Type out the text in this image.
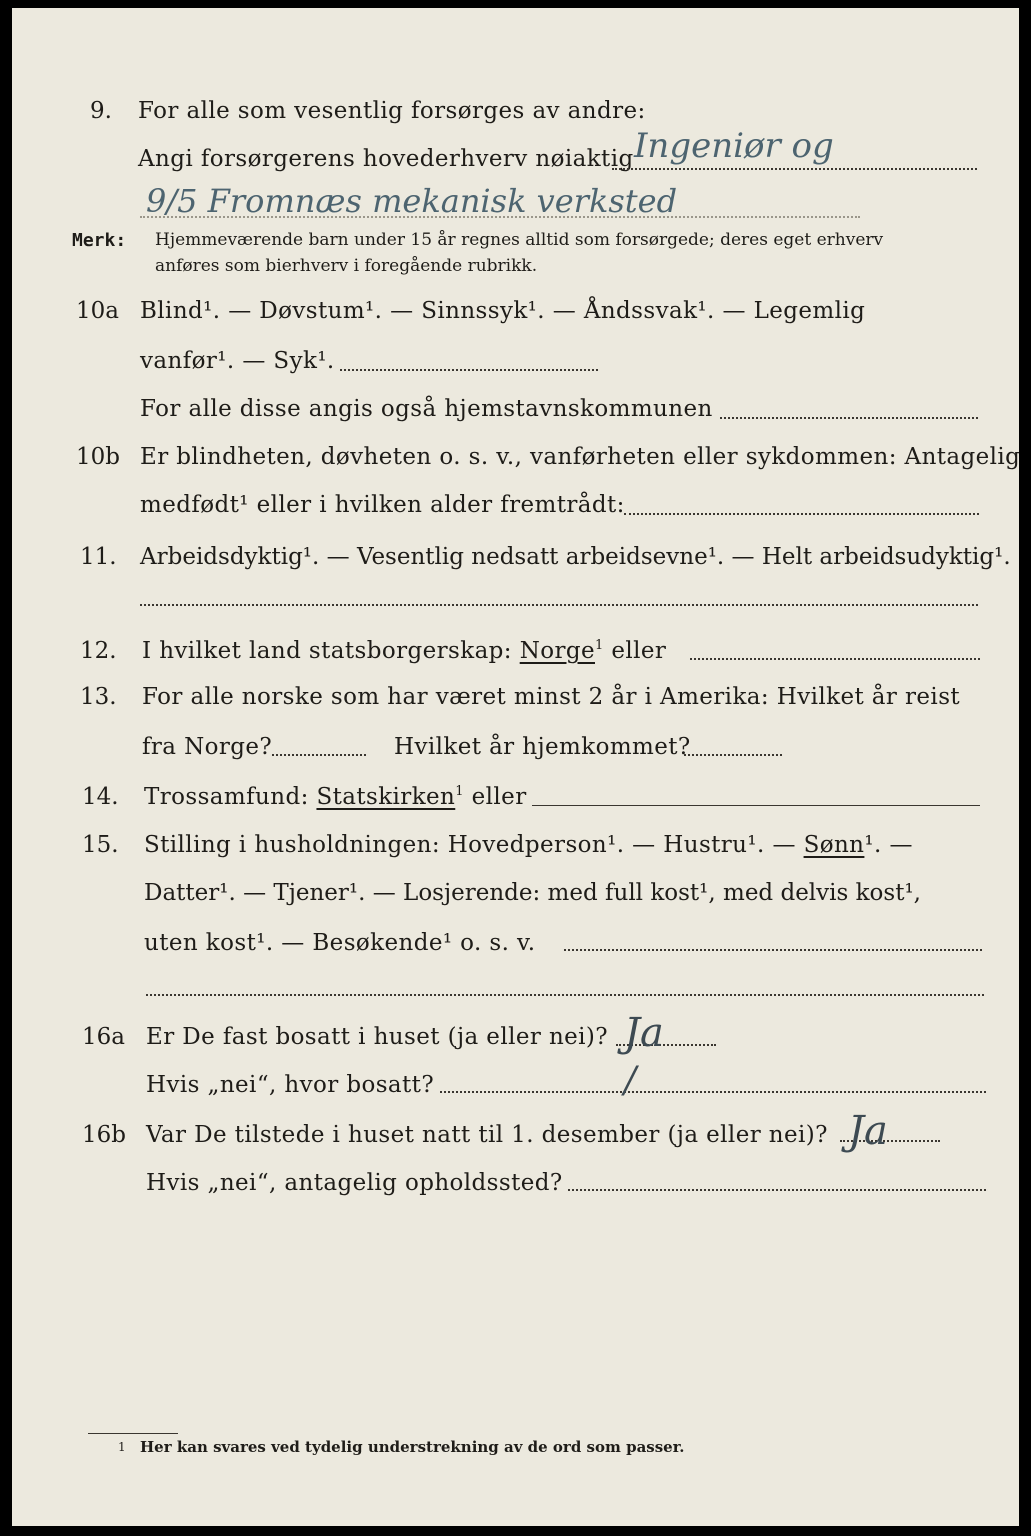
9. For alle som vesentlig forsørges av andre:
Angi forsørgerens hovederhverv nøiaktig Ingeniør og
9/5 Fromnæs mekanisk verksted
Merk: Hjemmeværende barn under 15 år regnes alltid som forsørgede; deres eget erhverv
anføres som bierhverv i foregående rubrikk.
10a Blind¹. — Døvstum¹. — Sinnssyk¹. — Åndssvak¹. — Legemlig
vanfør¹. — Syk¹.
For alle disse angis også hjemstavnskommunen
10b Er blindheten, døvheten o. s. v., vanførheten eller sykdommen: Antagelig
medfødt¹ eller i hvilken alder fremtrådt:
11. Arbeidsdyktig¹. — Vesentlig nedsatt arbeidsevne¹. — Helt arbeidsudyktig¹.
12. I hvilket land statsborgerskap: Norge$^1$ eller
13. For alle norske som har været minst 2 år i Amerika: Hvilket år reist
fra Norge?	Hvilket år hjemkommet?
14. Trossamfund: Statskirken$^1$ eller
15. Stilling i husholdningen: Hovedperson¹. — Hustru¹. — Sønn¹. —
Datter¹. — Tjener¹. — Losjerende: med full kost¹, med delvis kost¹,
uten kost¹. — Besøkende¹ o. s. v.
16a Er De fast bosatt i huset (ja eller nei)? Ja
Hvis „nei“, hvor bosatt?	/
16b Var De tilstede i huset natt til 1. desember (ja eller nei)? Ja
Hvis „nei“, antagelig opholdssted?
1 Her kan svares ved tydelig understrekning av de ord som passer.
